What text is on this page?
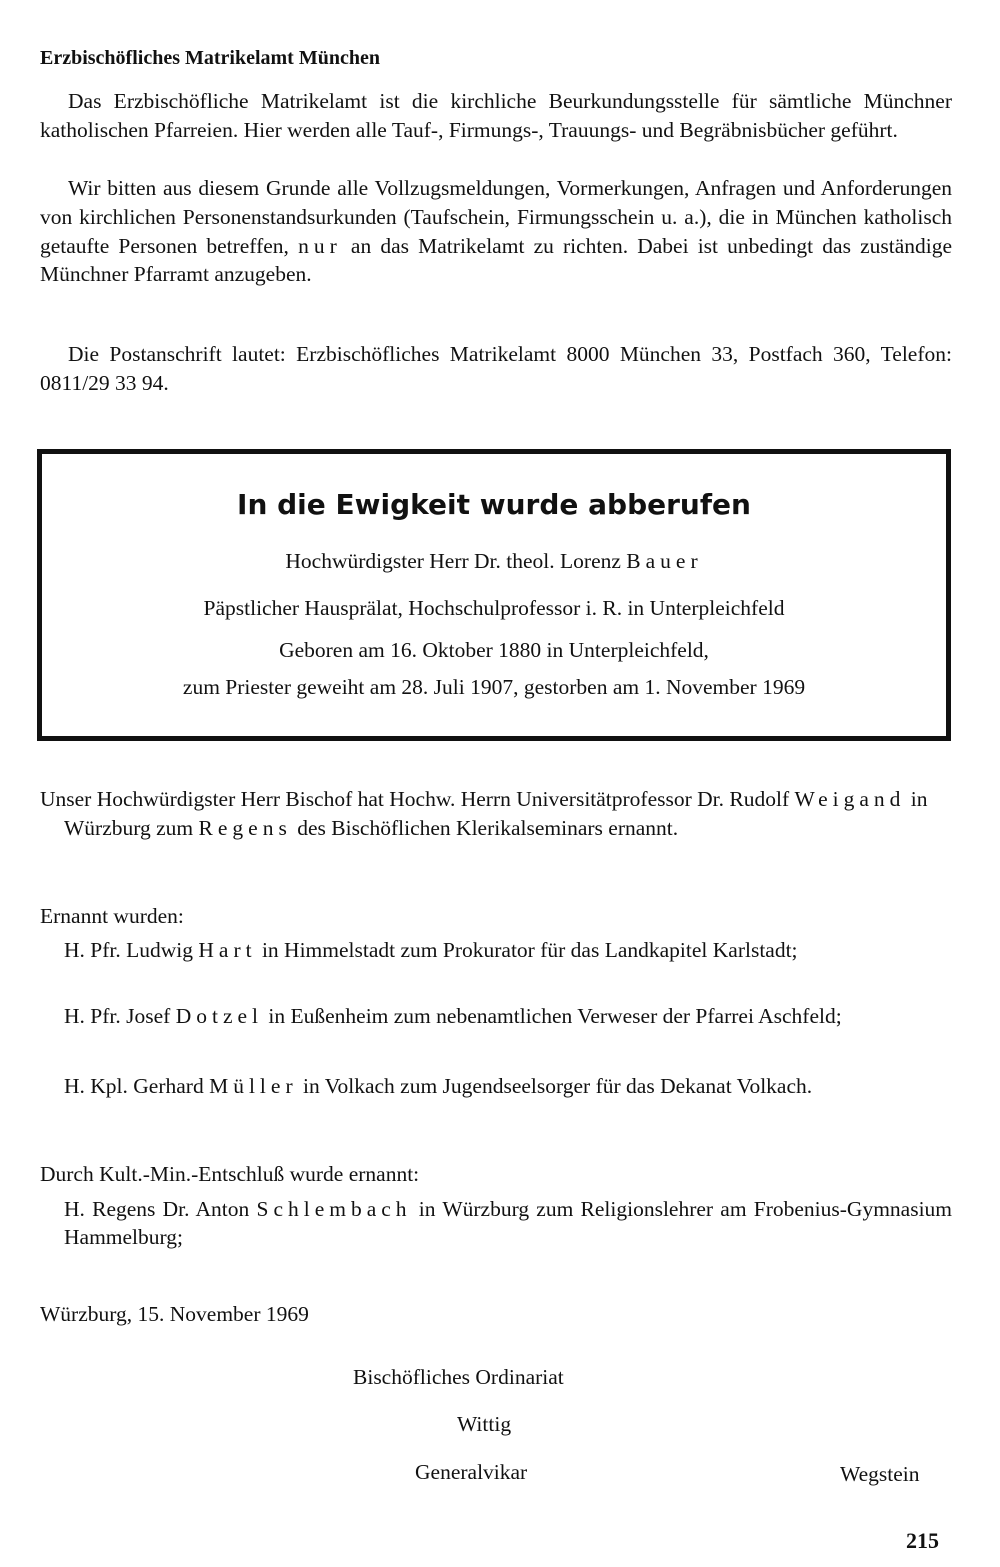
Erzbischöfliches Matrikelamt München
Das Erzbischöfliche Matrikelamt ist die kirchliche Beurkundungsstelle für sämtliche Münchner katholischen Pfarreien. Hier werden alle Tauf-, Firmungs-, Trauungs- und Begräbnisbücher geführt.
Wir bitten aus diesem Grunde alle Vollzugsmeldungen, Vormerkungen, Anfragen und Anforderungen von kirchlichen Personenstandsurkunden (Taufschein, Firmungsschein u. a.), die in München katholisch getaufte Personen betreffen, nur an das Matrikelamt zu richten. Dabei ist unbedingt das zuständige Münchner Pfarramt anzugeben.
Die Postanschrift lautet: Erzbischöfliches Matrikelamt 8000 München 33, Postfach 360, Telefon: 0811/29 33 94.
In die Ewigkeit wurde abberufen
Hochwürdigster Herr Dr. theol. Lorenz Bauer
Päpstlicher Hausprälat, Hochschulprofessor i. R. in Unterpleichfeld
Geboren am 16. Oktober 1880 in Unterpleichfeld,
zum Priester geweiht am 28. Juli 1907, gestorben am 1. November 1969
Unser Hochwürdigster Herr Bischof hat Hochw. Herrn Universitätprofessor Dr. Rudolf Weigand in Würzburg zum Regens des Bischöflichen Klerikalseminars ernannt.
Ernannt wurden:
H. Pfr. Ludwig Hart in Himmelstadt zum Prokurator für das Landkapitel Karlstadt;
H. Pfr. Josef Dotzel in Eußenheim zum nebenamtlichen Verweser der Pfarrei Aschfeld;
H. Kpl. Gerhard Müller in Volkach zum Jugendseelsorger für das Dekanat Volkach.
Durch Kult.-Min.-Entschluß wurde ernannt:
H. Regens Dr. Anton Schlembach in Würzburg zum Religionslehrer am Frobenius-Gymnasium Hammelburg;
Würzburg, 15. November 1969
Bischöfliches Ordinariat
Wittig
Generalvikar	Wegstein
215
